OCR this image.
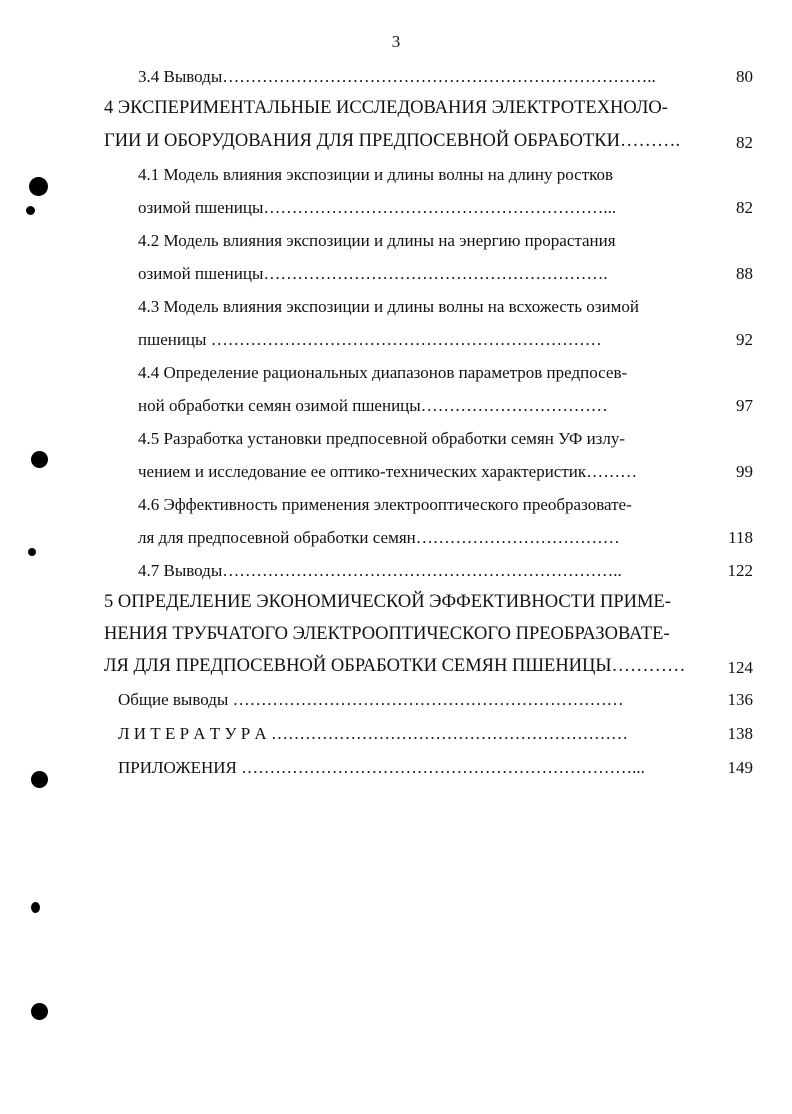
3
3.4 Выводы…………………………………………………………………..	80
4 ЭКСПЕРИМЕНТАЛЬНЫЕ ИССЛЕДОВАНИЯ ЭЛЕКТРОТЕХНОЛО-
ГИИ И ОБОРУДОВАНИЯ ДЛЯ ПРЕДПОСЕВНОЙ ОБРАБОТКИ……….	82
4.1 Модель влияния экспозиции и длины волны на длину ростков
озимой пшеницы……………………………………………………...	82
4.2 Модель влияния экспозиции и длины на энергию прорастания
озимой пшеницы…………………………………………………….	88
4.3 Модель влияния экспозиции и длины волны на всхожесть озимой
пшеницы ……………………………………………………………	92
4.4 Определение рациональных диапазонов параметров предпосев-
ной обработки семян озимой пшеницы……………………………	97
4.5 Разработка установки предпосевной обработки семян УФ излу-
чением и исследование ее оптико-технических характеристик………	99
4.6 Эффективность применения электрооптического преобразовате-
ля для предпосевной обработки семян………………………………	118
4.7 Выводы……………………………………………………………..	122
5 ОПРЕДЕЛЕНИЕ ЭКОНОМИЧЕСКОЙ ЭФФЕКТИВНОСТИ ПРИМЕ-
НЕНИЯ ТРУБЧАТОГО ЭЛЕКТРООПТИЧЕСКОГО ПРЕОБРАЗОВАТЕ-
ЛЯ ДЛЯ ПРЕДПОСЕВНОЙ ОБРАБОТКИ СЕМЯН ПШЕНИЦЫ…………	124
Общие выводы ……………………………………………………………	136
Л И Т Е Р А Т У Р А ………………………………………………………	138
ПРИЛОЖЕНИЯ ……………………………………………………………...	149
